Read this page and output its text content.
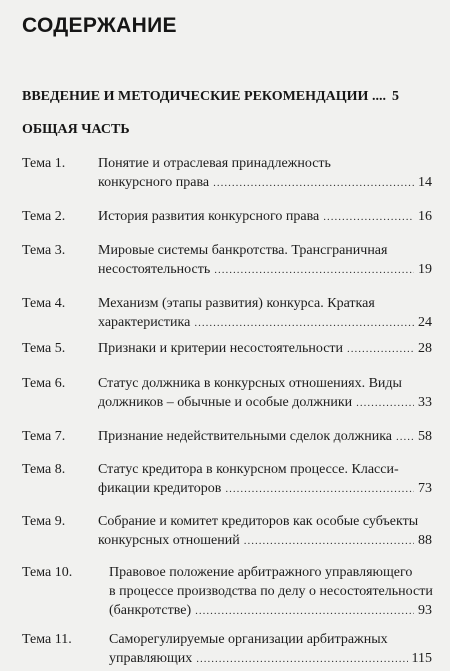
СОДЕРЖАНИЕ
ВВЕДЕНИЕ И МЕТОДИЧЕСКИЕ РЕКОМЕНДАЦИИ .... 5
ОБЩАЯ ЧАСТЬ
Тема 1.	Понятие и отраслевая принадлежность
конкурсного права .....	14
Тема 2.	История развития конкурсного права .....	16
Тема 3.	Мировые системы банкротства. Трансграничная
несостоятельность .....	19
Тема 4.	Механизм (этапы развития) конкурса. Краткая
характеристика .....	24
Тема 5.	Признаки и критерии несостоятельности .....	28
Тема 6.	Статус должника в конкурсных отношениях. Виды
должников – обычные и особые должники .....	33
Тема 7.	Признание недействительными сделок должника ..... 58
Тема 8.	Статус кредитора в конкурсном процессе. Класси-
фикации кредиторов .....	73
Тема 9.	Собрание и комитет кредиторов как особые субъекты
конкурсных отношений .....	88
Тема 10.	Правовое положение арбитражного управляющего
в процессе производства по делу о несостоятельности
(банкротстве) .....	93
Тема 11.	Саморегулируемые организации арбитражных
управляющих .....	115
